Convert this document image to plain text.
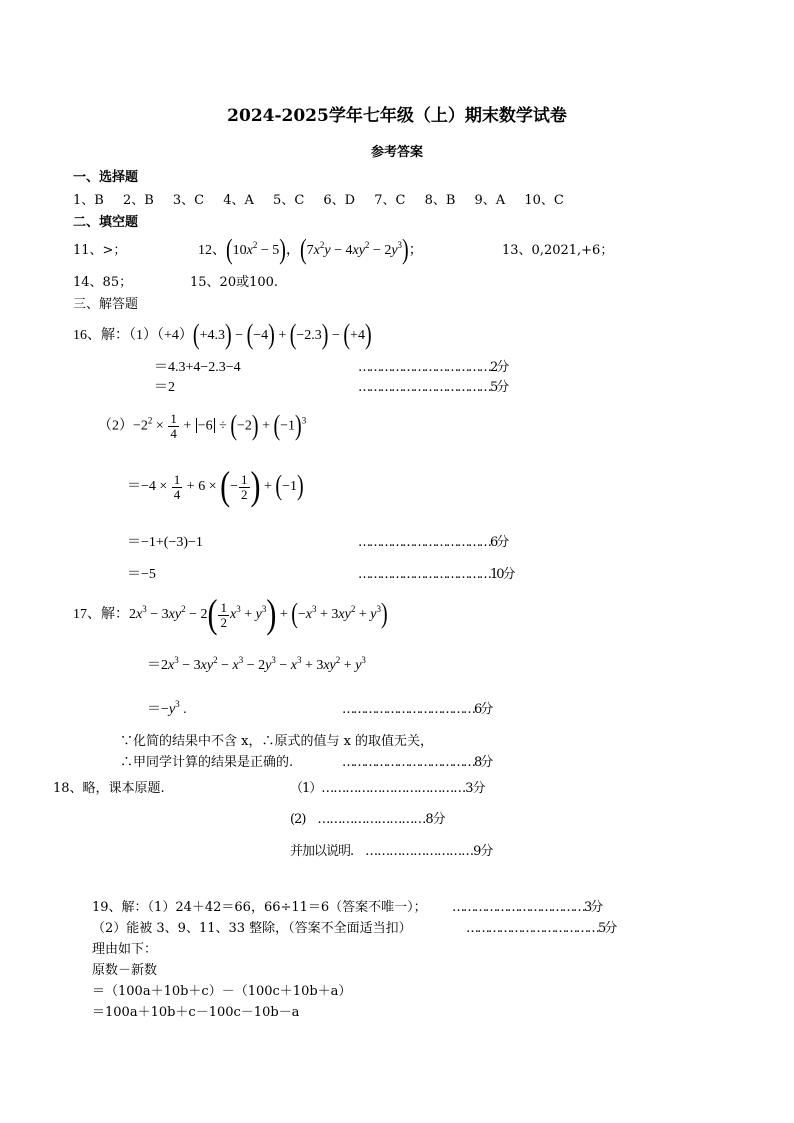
2024-2025学年七年级（上）期末数学试卷
参考答案
一、选择题
1、B　 2、B　 3、C　 4、A　 5、C　 6、D　 7、C　 8、B　 9、A　 10、C
二、填空题
11、>；	12、$(10x^2 - 5)$，$(7x^2y - 4xy^2 - 2y^3)$；	13、0,2021,+6；
14、85；	15、20或100.
三、解答题
16、解：（1）（+4）(+4.3) − (−4) + (−2.3) − (+4)
＝4.3+4−2.3−4	………………………………2分
＝2	………………………………5分
$(2)-2^2 \times \frac{1}{4} + -6 \div (-2) + (-1)^3$
$=-4 \times \frac{1}{4} + 6$ × (− $\frac{1}{2}$ ) + (−1)
＝−1+(−3)−1	………………………………6分
＝−5	………………………………10分
17、解：$2x^3 - 3xy^2 - 2( \frac{1}{2} x^3 + y^3) + (-x^3 + 3xy^2 + y^3)$
$=2x^3 - 3xy^2 - x^3 - 2y^3 - x^3 + 3xy^2 + y^3$
$=-y^3$ .	………………………………6分
∵化简的结果中不含 x，∴原式的值与 x 的取值无关，
∴甲同学计算的结果是正确的.	………………………………8分
18、略，课本原题.	（1）………………………………3分
(2)　………………………8分
并加以说明.　………………………9分
19、解：（1）24＋42＝66，66÷11＝6（答案不唯一）； ………………………………3分
（2）能被 3、9、11、33 整除，（答案不全面适当扣）	………………………………5分
理由如下：
原数－新数
＝（100a＋10b＋c）－（100c＋10b＋a）
＝100a＋10b＋c－100c－10b－a
